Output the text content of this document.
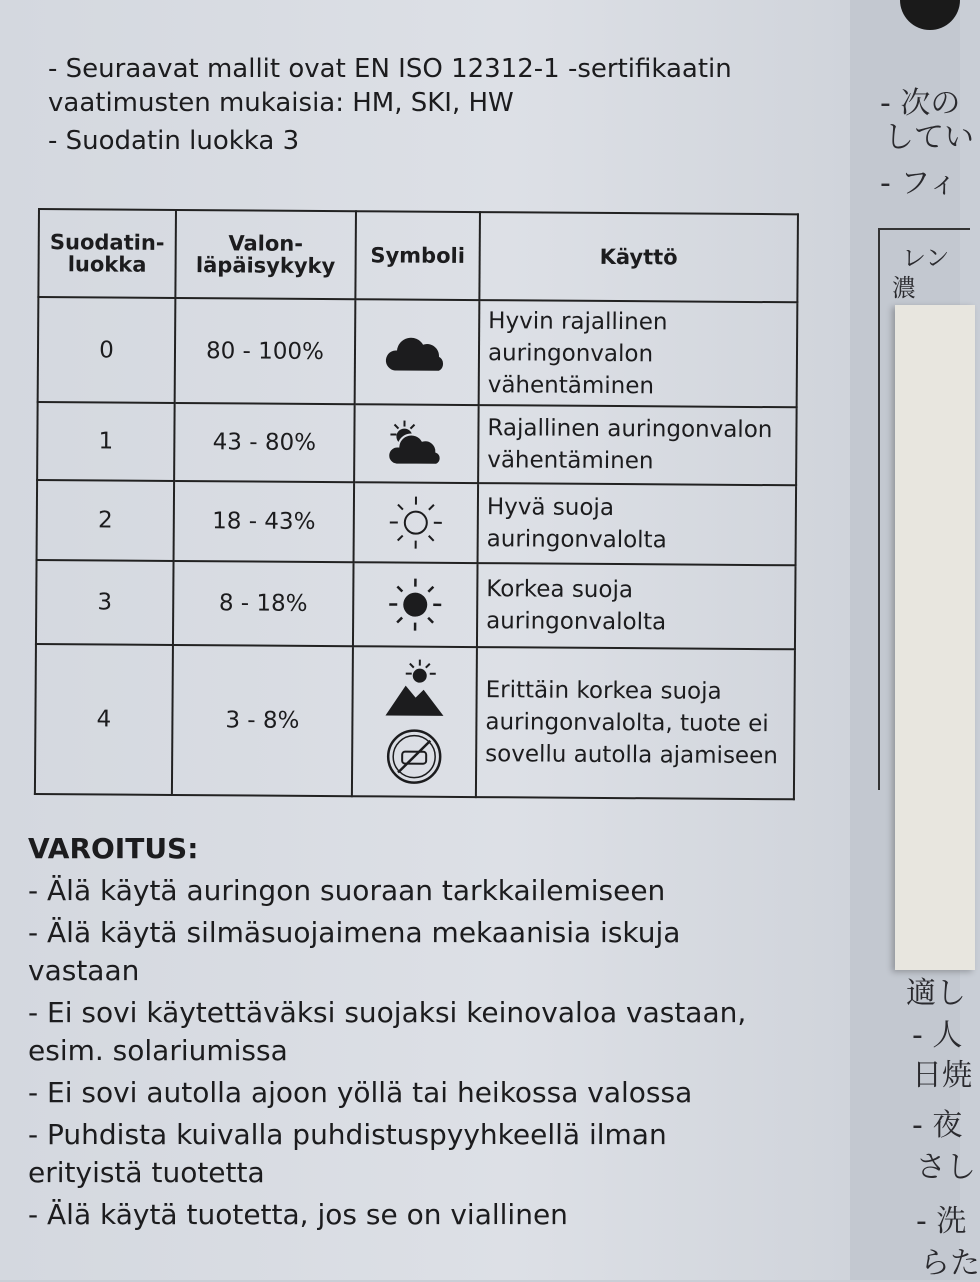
- 次の
してい
- フィ
レン
濃
適し
- 人
日焼
- 夜
さし
- 洗
らた

- Seuraavat mallit ovat EN ISO 12312-1 -sertifikaatin vaatimusten mukaisia: HM, SKI, HW

- Suodatin luokka 3

Suodatin-luokka	Valon-läpäisykyky	Symboli	Käyttö
0	80 - 100%		Hyvin rajallinen auringonvalon vähentäminen
1	43 - 80%		Rajallinen auringonvalon vähentäminen
2	18 - 43%		Hyvä suoja auringonvalolta
3	8 - 18%		Korkea suoja auringonvalolta
4	3 - 8%		Erittäin korkea suoja auringonvalolta, tuote ei sovellu autolla ajamiseen
VAROITUS:

- Älä käytä auringon suoraan tarkkailemiseen

- Älä käytä silmäsuojaimena mekaanisia iskuja vastaan

- Ei sovi käytettäväksi suojaksi keinovaloa vastaan, esim. solariumissa

- Ei sovi autolla ajoon yöllä tai heikossa valossa

- Puhdista kuivalla puhdistuspyyhkeellä ilman erityistä tuotetta

- Älä käytä tuotetta, jos se on viallinen
